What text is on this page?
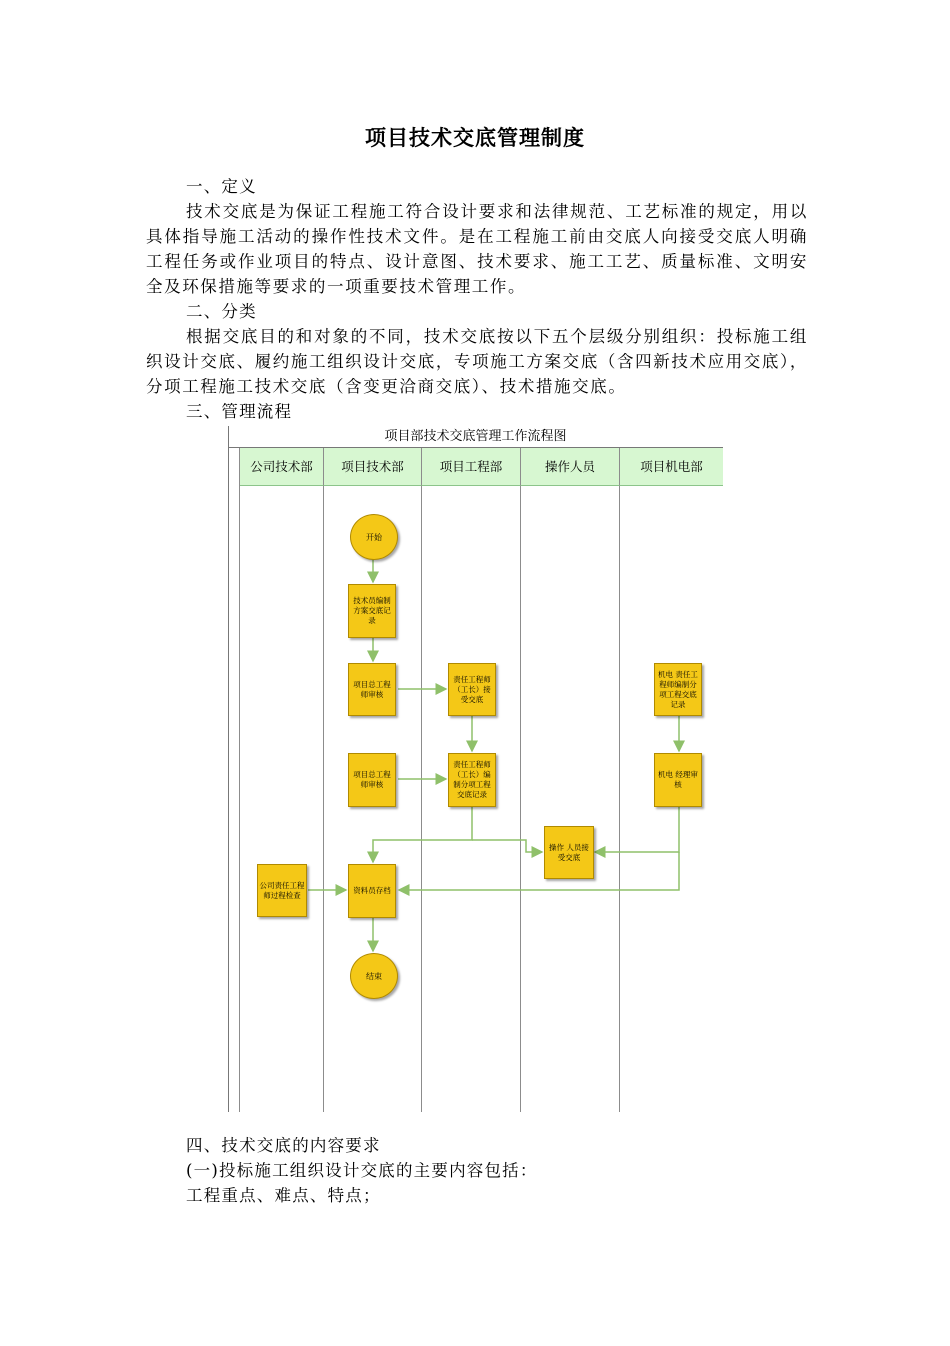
项目技术交底管理制度
一、定义
技术交底是为保证工程施工符合设计要求和法律规范、工艺标准的规定，用以具体指导施工活动的操作性技术文件。是在工程施工前由交底人向接受交底人明确工程任务或作业项目的特点、设计意图、技术要求、施工工艺、质量标准、文明安全及环保措施等要求的一项重要技术管理工作。
二、分类
根据交底目的和对象的不同，技术交底按以下五个层级分别组织：投标施工组织设计交底、履约施工组织设计交底，专项施工方案交底（含四新技术应用交底），分项工程施工技术交底（含变更洽商交底）、技术措施交底。
三、管理流程
项目部技术交底管理工作流程图
公司技术部	项目技术部	项目工程部	操作人员	项目机电部
开始
技术员编制方案交底记录
项目总工程师审核
责任工程师（工长）接受交底
机电 责任工程师编制分项工程交底记录
项目总工程师审核
责任工程师（工长）编制分项工程交底记录
机电 经理审核
操作 人员接受交底
公司责任工程师过程检查	资料员存档
结束
四、技术交底的内容要求
(一)投标施工组织设计交底的主要内容包括：
工程重点、难点、特点；
